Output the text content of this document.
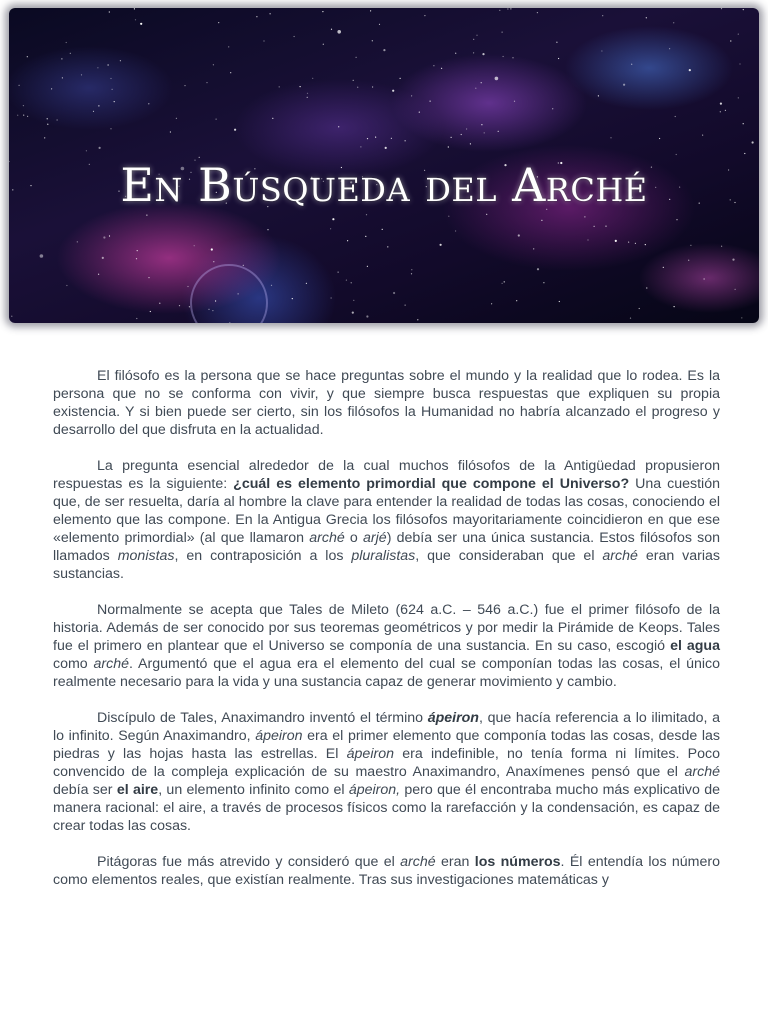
En Búsqueda del Arché

El filósofo es la persona que se hace preguntas sobre el mundo y la realidad que lo rodea. Es la persona que no se conforma con vivir, y que siempre busca respuestas que expliquen su propia existencia. Y si bien puede ser cierto, sin los filósofos la Humanidad no habría alcanzado el progreso y desarrollo del que disfruta en la actualidad.

La pregunta esencial alrededor de la cual muchos filósofos de la Antigüedad propusieron respuestas es la siguiente: ¿cuál es elemento primordial que compone el Universo? Una cuestión que, de ser resuelta, daría al hombre la clave para entender la realidad de todas las cosas, conociendo el elemento que las compone. En la Antigua Grecia los filósofos mayoritariamente coincidieron en que ese «elemento primordial» (al que llamaron arché o arjé) debía ser una única sustancia. Estos filósofos son llamados monistas, en contraposición a los pluralistas, que consideraban que el arché eran varias sustancias.

Normalmente se acepta que Tales de Mileto (624 a.C. – 546 a.C.) fue el primer filósofo de la historia. Además de ser conocido por sus teoremas geométricos y por medir la Pirámide de Keops. Tales fue el primero en plantear que el Universo se componía de una sustancia. En su caso, escogió el agua como arché. Argumentó que el agua era el elemento del cual se componían todas las cosas, el único realmente necesario para la vida y una sustancia capaz de generar movimiento y cambio.

Discípulo de Tales, Anaximandro inventó el término ápeiron, que hacía referencia a lo ilimitado, a lo infinito. Según Anaximandro, ápeiron era el primer elemento que componía todas las cosas, desde las piedras y las hojas hasta las estrellas. El ápeiron era indefinible, no tenía forma ni límites. Poco convencido de la compleja explicación de su maestro Anaximandro, Anaxímenes pensó que el arché debía ser el aire, un elemento infinito como el ápeiron, pero que él encontraba mucho más explicativo de manera racional: el aire, a través de procesos físicos como la rarefacción y la condensación, es capaz de crear todas las cosas.

Pitágoras fue más atrevido y consideró que el arché eran los números. Él entendía los número como elementos reales, que existían realmente. Tras sus investigaciones matemáticas y
